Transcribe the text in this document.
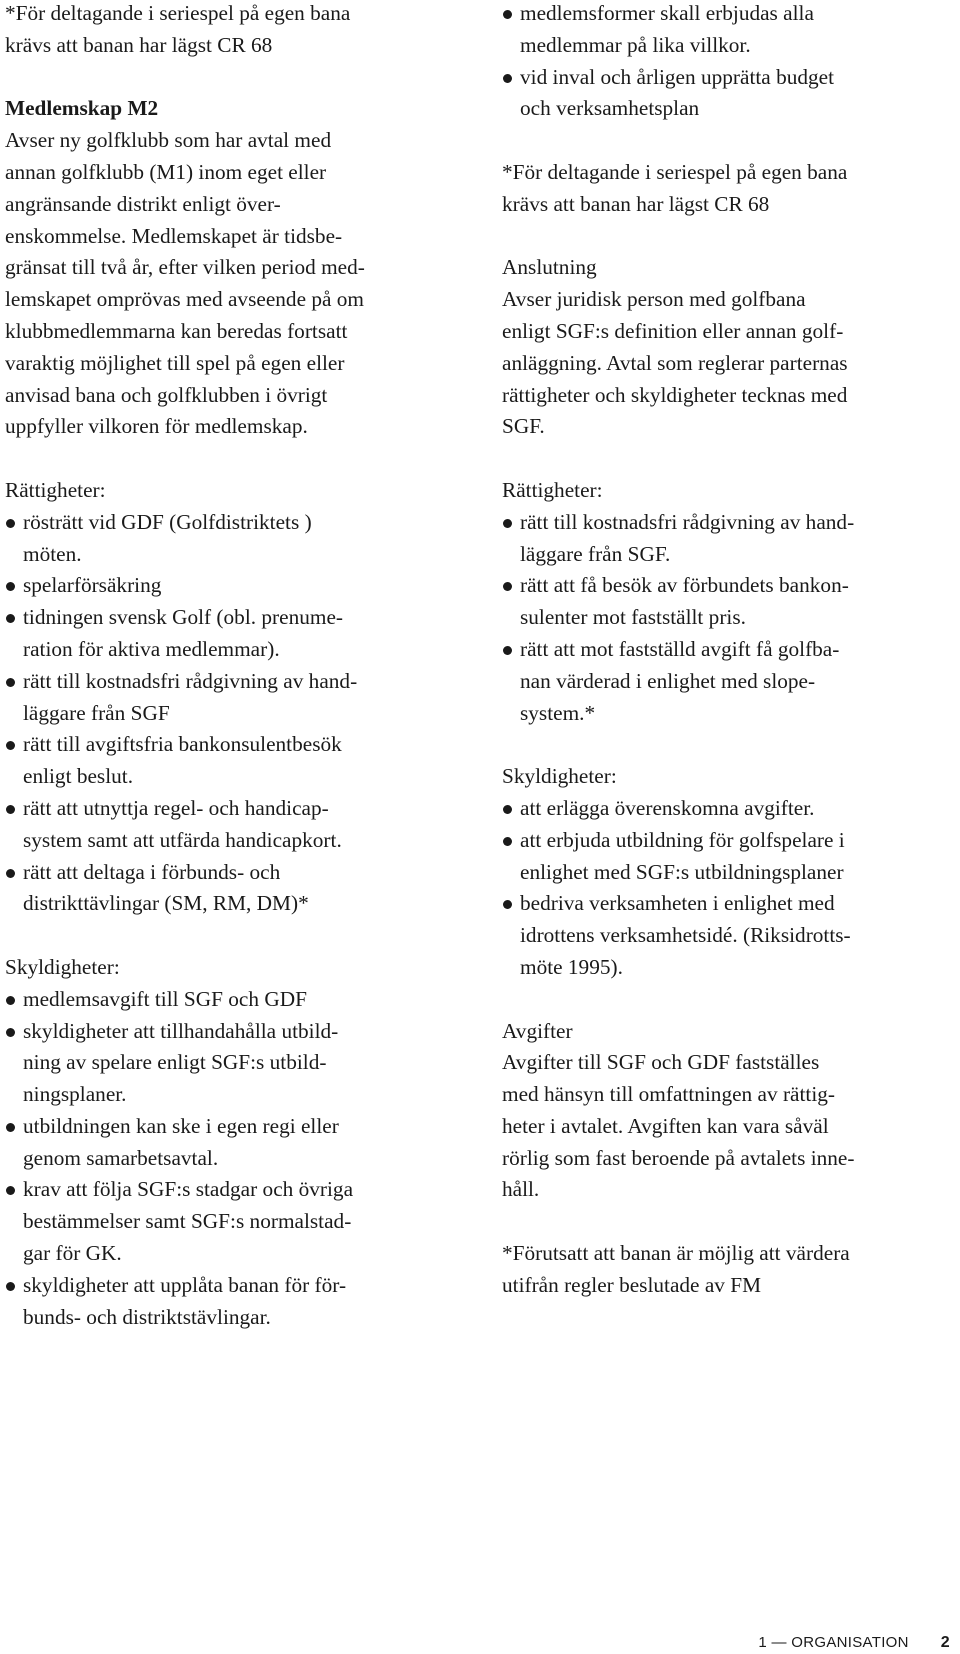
*För deltagande i seriespel på egen bana

krävs att banan har lägst CR 68

Medlemskap M2

Avser ny golfklubb som har avtal med

annan golfklubb (M1) inom eget eller

angränsande distrikt enligt över-

enskommelse. Medlemskapet är tidsbe-

gränsat till två år, efter vilken period med-

lemskapet omprövas med avseende på om

klubbmedlemmarna kan beredas fortsatt

varaktig möjlighet till spel på egen eller

anvisad bana och golfklubben i övrigt

uppfyller vilkoren för medlemskap.

Rättigheter:

rösträtt vid GDF (Golfdistriktets )
möten.
spelarförsäkring
tidningen svensk Golf (obl. prenume-
ration för aktiva medlemmar).
rätt till kostnadsfri rådgivning av hand-
läggare från SGF
rätt till avgiftsfria bankonsulentbesök
enligt beslut.
rätt att utnyttja regel- och handicap-
system samt att utfärda handicapkort.
rätt att deltaga i förbunds- och
distrikttävlingar (SM, RM, DM)*

Skyldigheter:

medlemsavgift till SGF och GDF
skyldigheter att tillhandahålla utbild-
ning av spelare enligt SGF:s utbild-
ningsplaner.
utbildningen kan ske i egen regi eller
genom samarbetsavtal.
krav att följa SGF:s stadgar och övriga
bestämmelser samt SGF:s normalstad-
gar för GK.
skyldigheter att upplåta banan för för-
bunds- och distriktstävlingar.
medlemsformer skall erbjudas alla
medlemmar på lika villkor.
vid inval och årligen upprätta budget
och verksamhetsplan

*För deltagande i seriespel på egen bana

krävs att banan har lägst CR 68

Anslutning

Avser juridisk person med golfbana

enligt SGF:s definition eller annan golf-

anläggning. Avtal som reglerar parternas

rättigheter och skyldigheter tecknas med

SGF.

Rättigheter:

rätt till kostnadsfri rådgivning av hand-
läggare från SGF.
rätt att få besök av förbundets bankon-
sulenter mot fastställt pris.
rätt att mot fastställd avgift få golfba-
nan värderad i enlighet med slope-
system.*

Skyldigheter:

att erlägga överenskomna avgifter.
att erbjuda utbildning för golfspelare i
enlighet med SGF:s utbildningsplaner
bedriva verksamheten i enlighet med
idrottens verksamhetsidé. (Riksidrotts-
möte 1995).

Avgifter

Avgifter till SGF och GDF fastställes

med hänsyn till omfattningen av rättig-

heter i avtalet. Avgiften kan vara såväl

rörlig som fast beroende på avtalets inne-

håll.

*Förutsatt att banan är möjlig att värdera

utifrån regler beslutade av FM

1 — ORGANISATION 2
